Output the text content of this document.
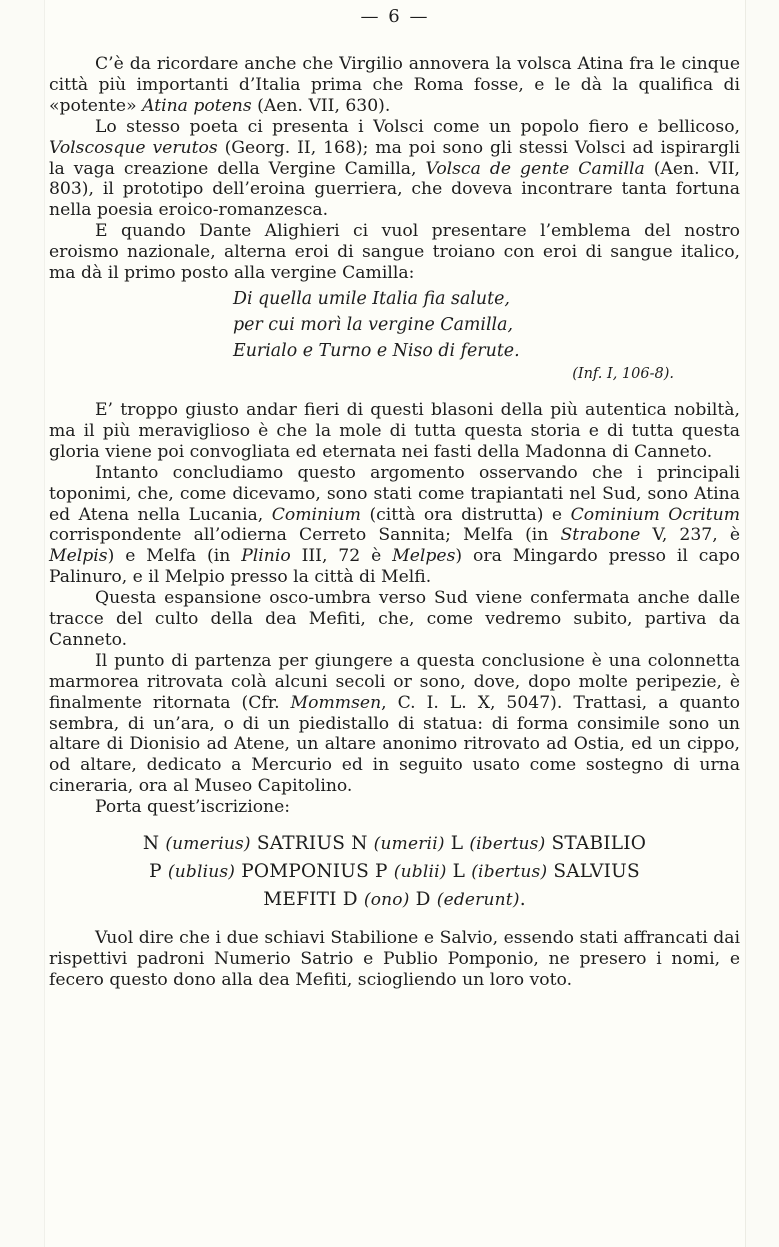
— 6 —

C’è da ricordare anche che Virgilio annovera la volsca Atina fra le cinque città più importanti d’Italia prima che Roma fosse, e le dà la qualifica di «potente» Atina potens (Aen. VII, 630).

Lo stesso poeta ci presenta i Volsci come un popolo fiero e bellicoso, Volscosque verutos (Georg. II, 168); ma poi sono gli stessi Volsci ad ispirargli la vaga creazione della Vergine Camilla, Volsca de gente Camilla (Aen. VII, 803), il prototipo dell’eroina guerriera, che doveva incontrare tanta fortuna nella poesia eroico-romanzesca.

E quando Dante Alighieri ci vuol presentare l’emblema del nostro eroismo nazionale, alterna eroi di sangue troiano con eroi di sangue italico, ma dà il primo posto alla vergine Camilla:

Di quella umile Italia fia salute,
per cui morì la vergine Camilla,
Eurialo e Turno e Niso di ferute.
(Inf. I, 106-8).

E’ troppo giusto andar fieri di questi blasoni della più autentica nobiltà, ma il più meraviglioso è che la mole di tutta questa storia e di tutta questa gloria viene poi convogliata ed eternata nei fasti della Madonna di Canneto.

Intanto concludiamo questo argomento osservando che i principali toponimi, che, come dicevamo, sono stati come trapiantati nel Sud, sono Atina ed Atena nella Lucania, Cominium (città ora distrutta) e Cominium Ocritum corrispondente all’odierna Cerreto Sannita; Melfa (in Strabone V, 237, è Melpis) e Melfa (in Plinio III, 72 è Melpes) ora Mingardo presso il capo Palinuro, e il Melpio presso la città di Melfi.

Questa espansione osco-umbra verso Sud viene confermata anche dalle tracce del culto della dea Mefiti, che, come vedremo subito, partiva da Canneto.

Il punto di partenza per giungere a questa conclusione è una colonnetta marmorea ritrovata colà alcuni secoli or sono, dove, dopo molte peripezie, è finalmente ritornata (Cfr. Mommsen, C. I. L. X, 5047). Trattasi, a quanto sembra, di un’ara, o di un piedistallo di statua: di forma consimile sono un altare di Dionisio ad Atene, un altare anonimo ritrovato ad Ostia, ed un cippo, od altare, dedicato a Mercurio ed in seguito usato come sostegno di urna cineraria, ora al Museo Capitolino.

Porta quest’iscrizione:

N (umerius) SATRIUS N (umerii) L (ibertus) STABILIO
P (ublius) POMPONIUS P (ublii) L (ibertus) SALVIUS
MEFITI D (ono) D (ederunt).

Vuol dire che i due schiavi Stabilione e Salvio, essendo stati affrancati dai rispettivi padroni Numerio Satrio e Publio Pomponio, ne presero i nomi, e fecero questo dono alla dea Mefiti, sciogliendo un loro voto.
